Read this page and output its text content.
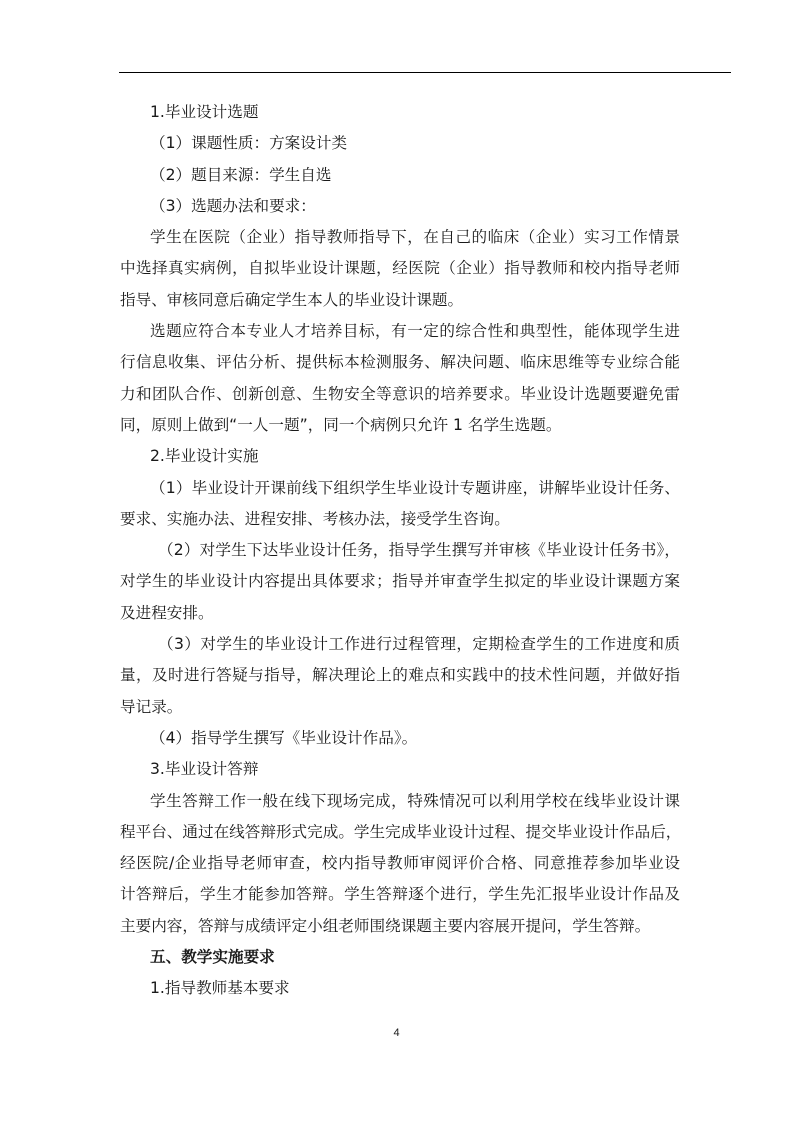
1.毕业设计选题
（1）课题性质：方案设计类
（2）题目来源：学生自选
（3）选题办法和要求：
学生在医院（企业）指导教师指导下，在自己的临床（企业）实习工作情景
中选择真实病例，自拟毕业设计课题，经医院（企业）指导教师和校内指导老师
指导、审核同意后确定学生本人的毕业设计课题。
选题应符合本专业人才培养目标，有一定的综合性和典型性，能体现学生进
行信息收集、评估分析、提供标本检测服务、解决问题、临床思维等专业综合能
力和团队合作、创新创意、生物安全等意识的培养要求。毕业设计选题要避免雷
同，原则上做到“一人一题”，同一个病例只允许 1 名学生选题。
2.毕业设计实施
（1）毕业设计开课前线下组织学生毕业设计专题讲座，讲解毕业设计任务、
要求、实施办法、进程安排、考核办法，接受学生咨询。
（2）对学生下达毕业设计任务，指导学生撰写并审核《毕业设计任务书》，
对学生的毕业设计内容提出具体要求；指导并审查学生拟定的毕业设计课题方案
及进程安排。
（3）对学生的毕业设计工作进行过程管理，定期检查学生的工作进度和质
量，及时进行答疑与指导，解决理论上的难点和实践中的技术性问题，并做好指
导记录。
（4）指导学生撰写《毕业设计作品》。
3.毕业设计答辩
学生答辩工作一般在线下现场完成，特殊情况可以利用学校在线毕业设计课
程平台、通过在线答辩形式完成。学生完成毕业设计过程、提交毕业设计作品后，
经医院/企业指导老师审查，校内指导教师审阅评价合格、同意推荐参加毕业设
计答辩后，学生才能参加答辩。学生答辩逐个进行，学生先汇报毕业设计作品及
主要内容，答辩与成绩评定小组老师围绕课题主要内容展开提问，学生答辩。
五、教学实施要求
1.指导教师基本要求
4
